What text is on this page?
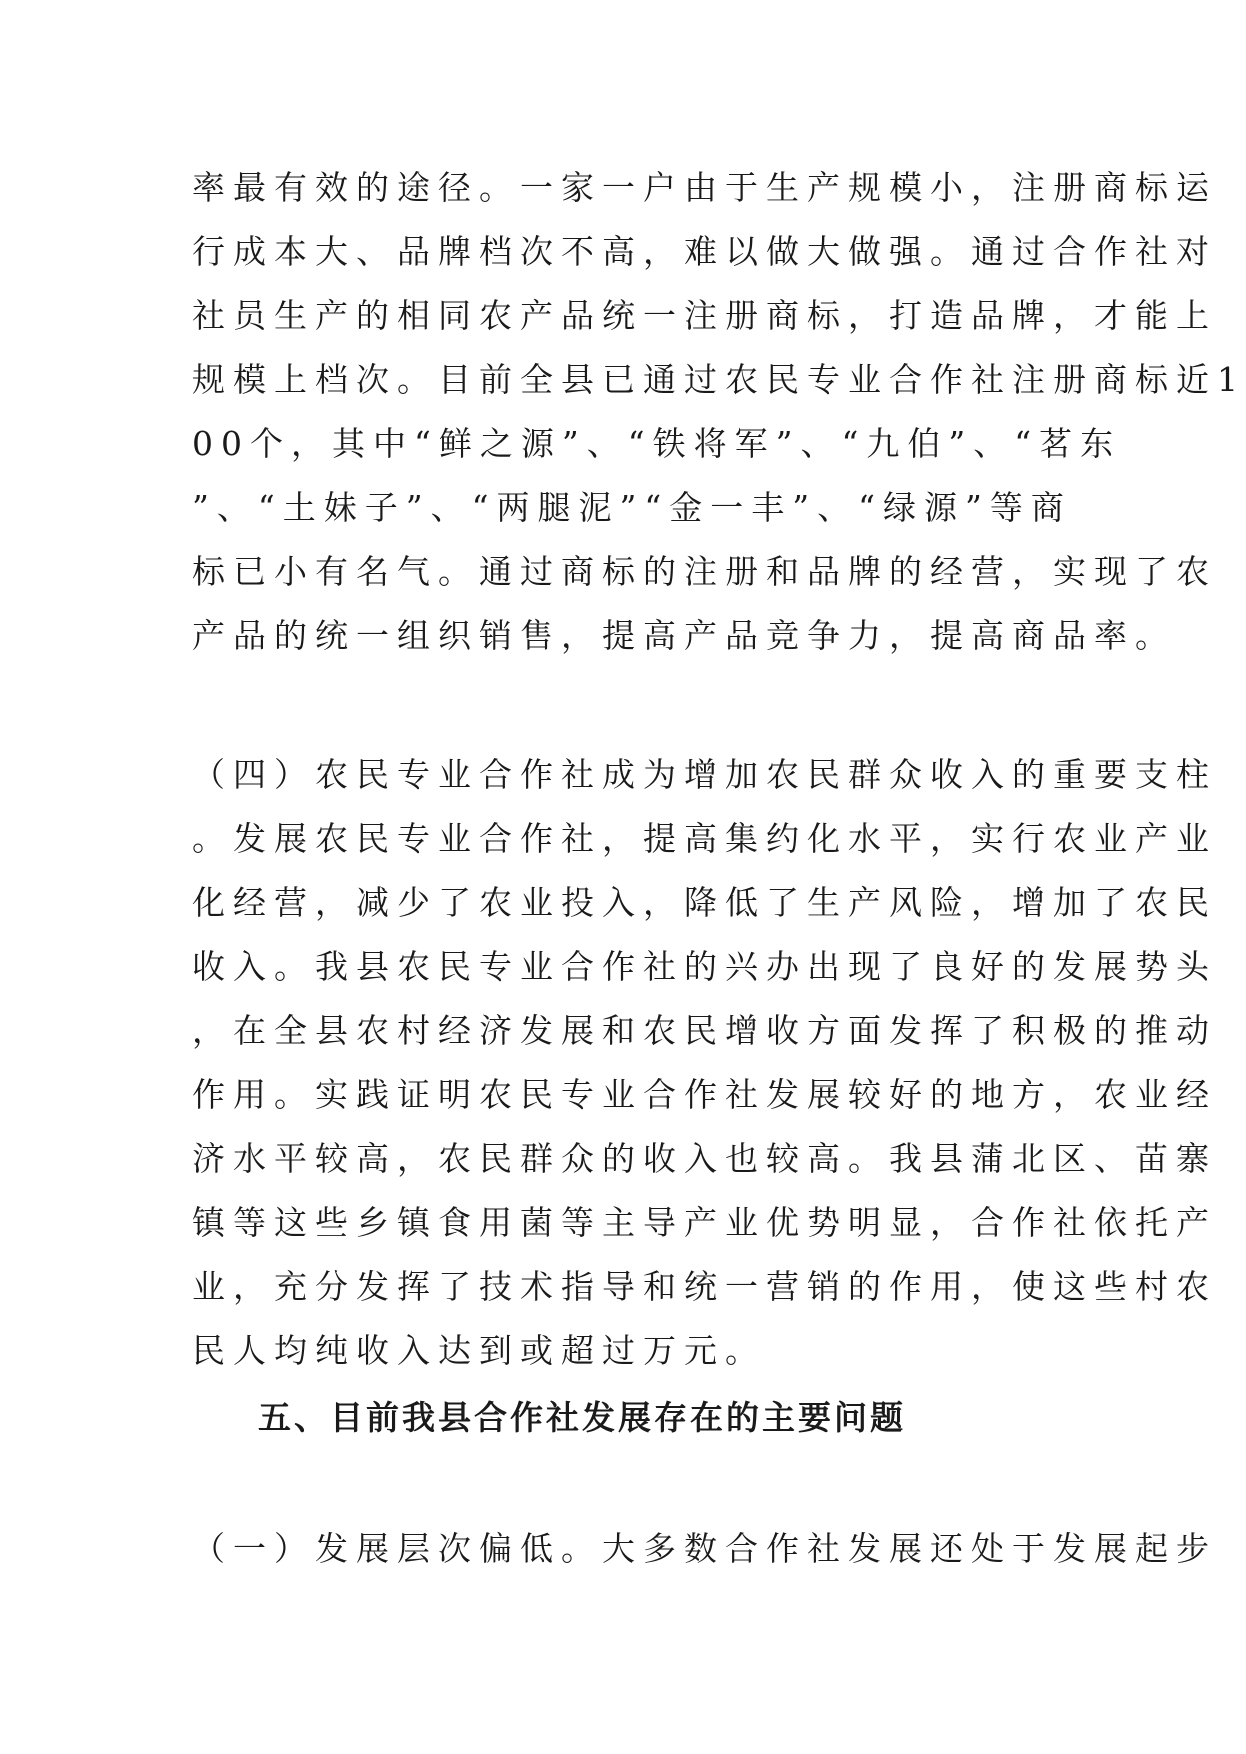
率最有效的途径。一家一户由于生产规模小，注册商标运
行成本大、品牌档次不高，难以做大做强。通过合作社对
社员生产的相同农产品统一注册商标，打造品牌，才能上
规模上档次。目前全县已通过农民专业合作社注册商标近1
00个，其中“鲜之源”、“铁将军”、“九伯”、“茗东
”、“土妹子”、“两腿泥”“金一丰”、“绿源”等商
标已小有名气。通过商标的注册和品牌的经营，实现了农
产品的统一组织销售，提高产品竞争力，提高商品率。
（四）农民专业合作社成为增加农民群众收入的重要支柱
。发展农民专业合作社，提高集约化水平，实行农业产业
化经营，减少了农业投入，降低了生产风险，增加了农民
收入。我县农民专业合作社的兴办出现了良好的发展势头
，在全县农村经济发展和农民增收方面发挥了积极的推动
作用。实践证明农民专业合作社发展较好的地方，农业经
济水平较高，农民群众的收入也较高。我县蒲北区、苗寨
镇等这些乡镇食用菌等主导产业优势明显，合作社依托产
业，充分发挥了技术指导和统一营销的作用，使这些村农
民人均纯收入达到或超过万元。
五、目前我县合作社发展存在的主要问题
（一）发展层次偏低。大多数合作社发展还处于发展起步
